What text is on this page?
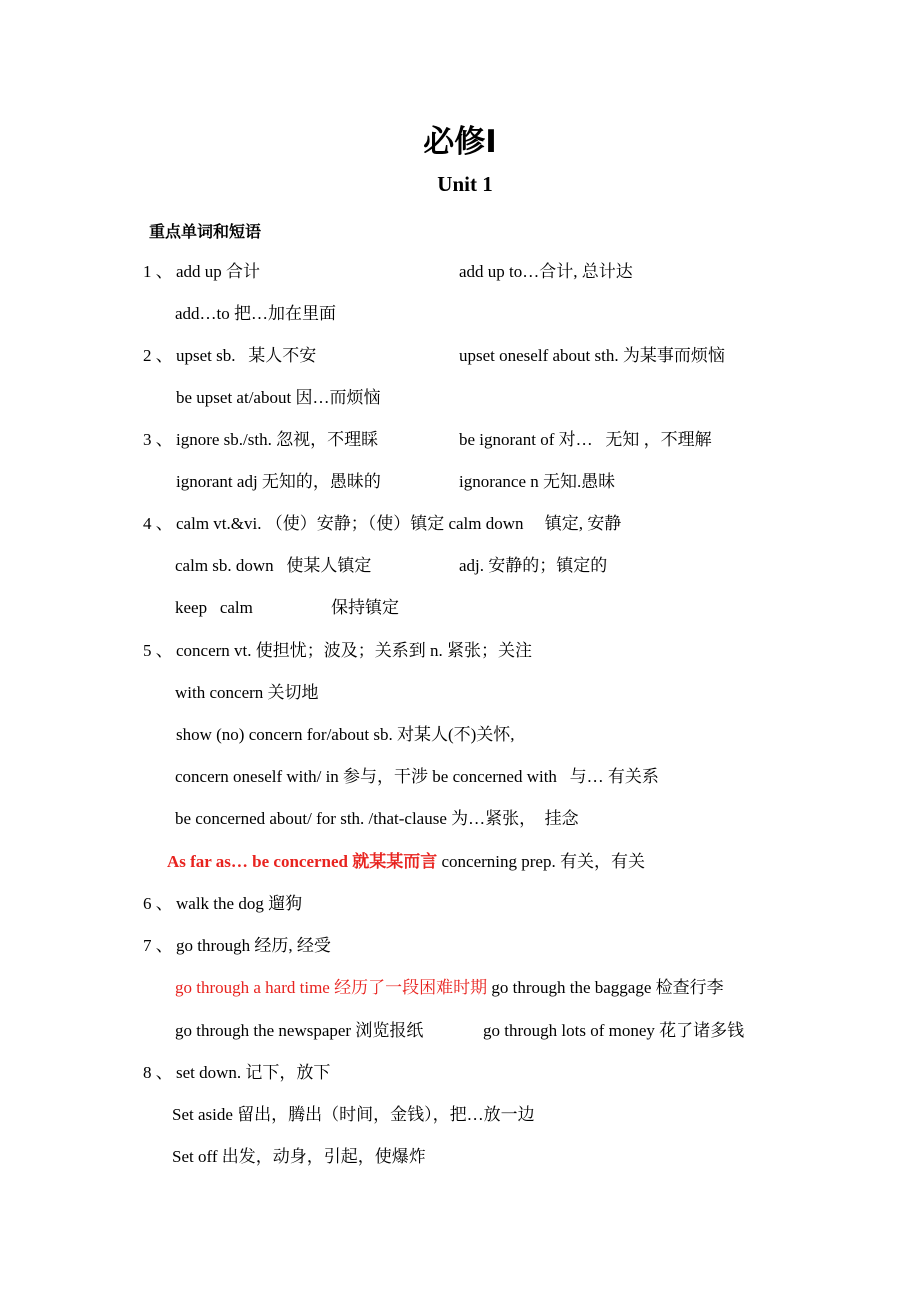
必修Ⅰ
Unit 1
重点单词和短语
1 、 add up 合计	add up to…合计, 总计达
add…to 把…加在里面
2 、 upset sb.   某人不安	upset oneself about sth. 为某事而烦恼
be upset at/about 因…而烦恼
3 、 ignore sb./sth. 忽视，不理睬	be ignorant of 对…   无知 ，不理解
ignorant adj 无知的，愚昧的	ignorance n 无知.愚昧
4 、 calm vt.&vi. （使）安静；（使）镇定 calm down     镇定, 安静
calm sb. down   使某人镇定	adj. 安静的；镇定的
keep   calm	保持镇定
5 、 concern vt. 使担忧；波及；关系到 n. 紧张；关注
with concern 关切地
show (no) concern for/about sb. 对某人(不)关怀,
concern oneself with/ in 参与，干涉 be concerned with   与… 有关系
be concerned about/ for sth. /that-clause 为…紧张，  挂念
As far as… be concerned 就某某而言 concerning prep. 有关，有关
6 、 walk the dog 遛狗
7 、 go through 经历, 经受
go through a hard time 经历了一段困难时期 go through the baggage 检查行李
go through the newspaper 浏览报纸	go through lots of money 花了诸多钱
8 、 set down. 记下，放下
Set aside 留出，腾出（时间，金钱），把…放一边
Set off 出发，动身，引起，使爆炸
